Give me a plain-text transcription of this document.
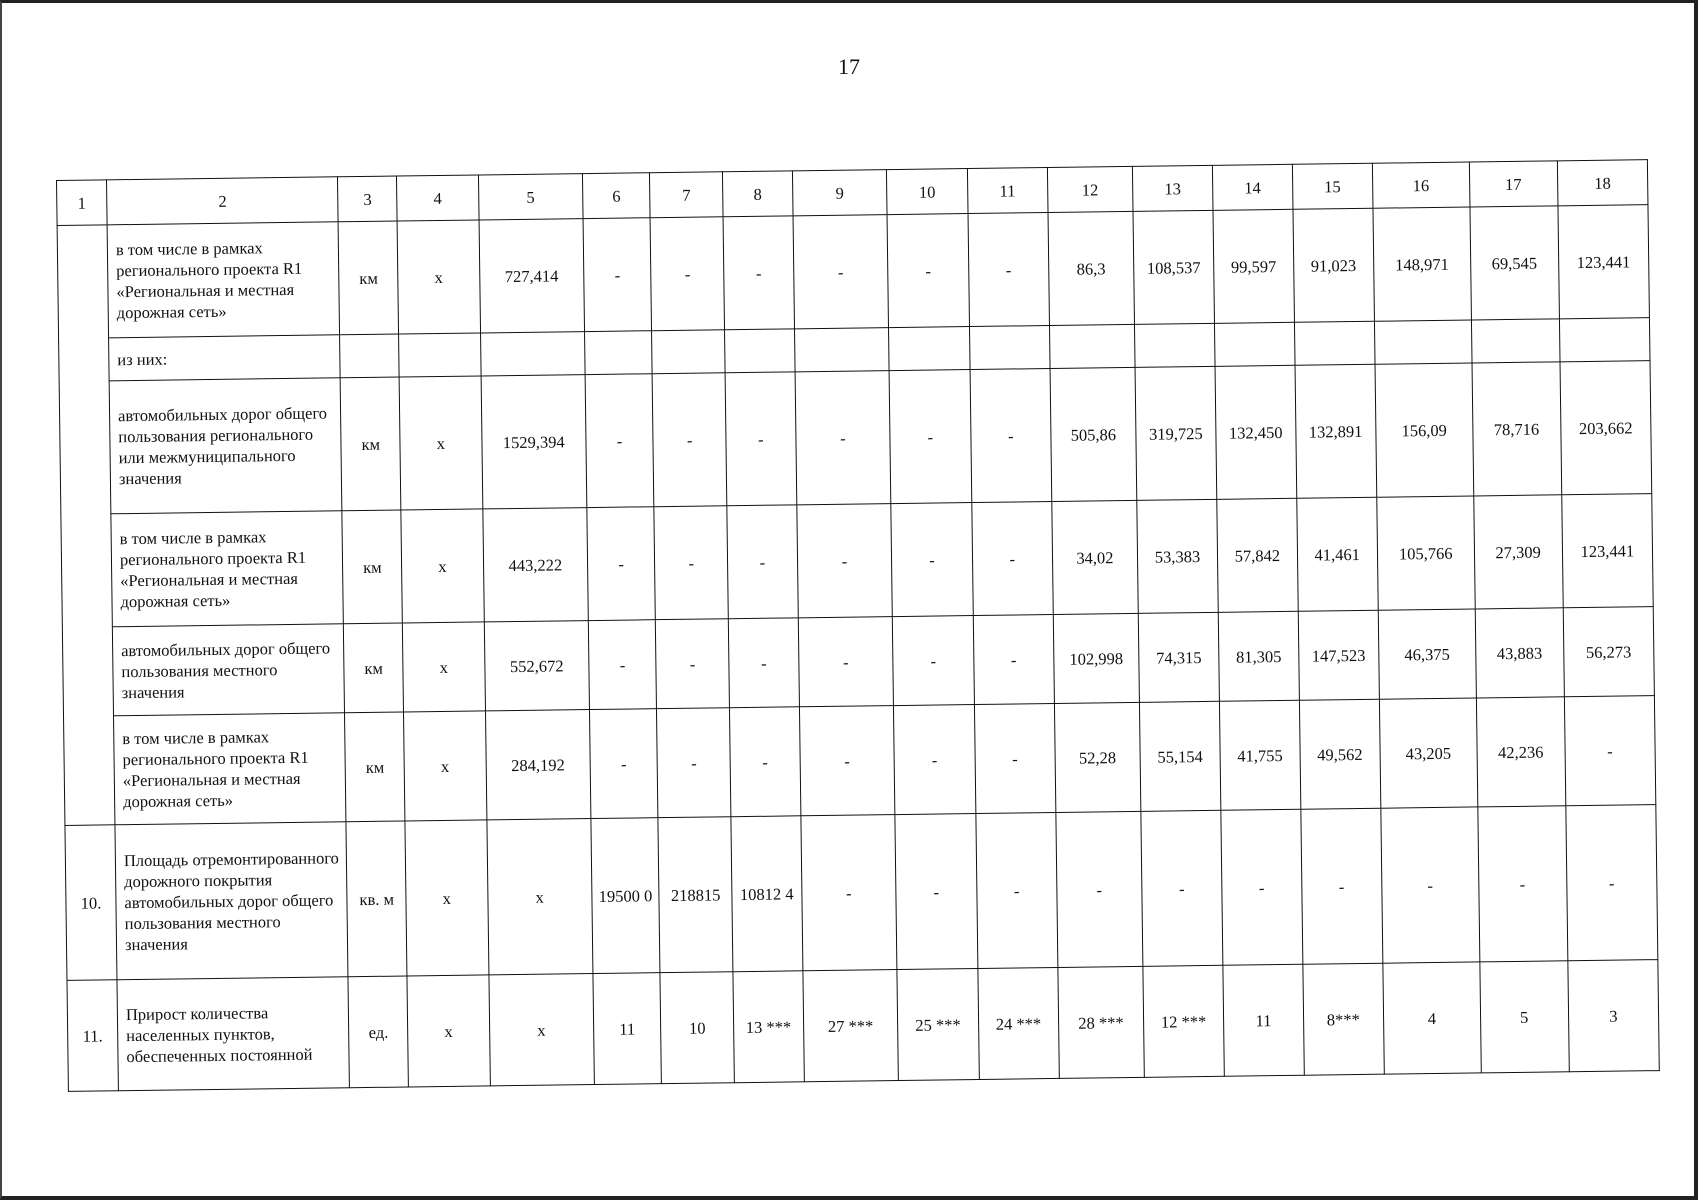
17
1	2	3	4	5	6	7	8	9	10	11	12	13	14	15	16	17	18
	в том числе в рамках регионального проекта R1 «Региональная и местная дорожная сеть»	км	x	727,414	-	-	-	-	-	-	86,3	108,537	99,597	91,023	148,971	69,545	123,441
	из них:																
	автомобильных дорог общего пользования регионального или межмуниципального значения	км	x	1529,394	-	-	-	-	-	-	505,86	319,725	132,450	132,891	156,09	78,716	203,662
	в том числе в рамках регионального проекта R1 «Региональная и местная дорожная сеть»	км	x	443,222	-	-	-	-	-	-	34,02	53,383	57,842	41,461	105,766	27,309	123,441
	автомобильных дорог общего пользования местного значения	км	x	552,672	-	-	-	-	-	-	102,998	74,315	81,305	147,523	46,375	43,883	56,273
	в том числе в рамках регионального проекта R1 «Региональная и местная дорожная сеть»	км	x	284,192	-	-	-	-	-	-	52,28	55,154	41,755	49,562	43,205	42,236	-
10.	Площадь отремонтированного дорожного покрытия автомобильных дорог общего пользования местного значения	кв. м	x	x	19500 0	218815	10812 4	-	-	-	-	-	-	-	-	-	-
11.	Прирост количества населенных пунктов, обеспеченных постоянной	ед.	x	x	11	10	13 ***	27 ***	25 ***	24 ***	28 ***	12 ***	11	8***	4	5	3
